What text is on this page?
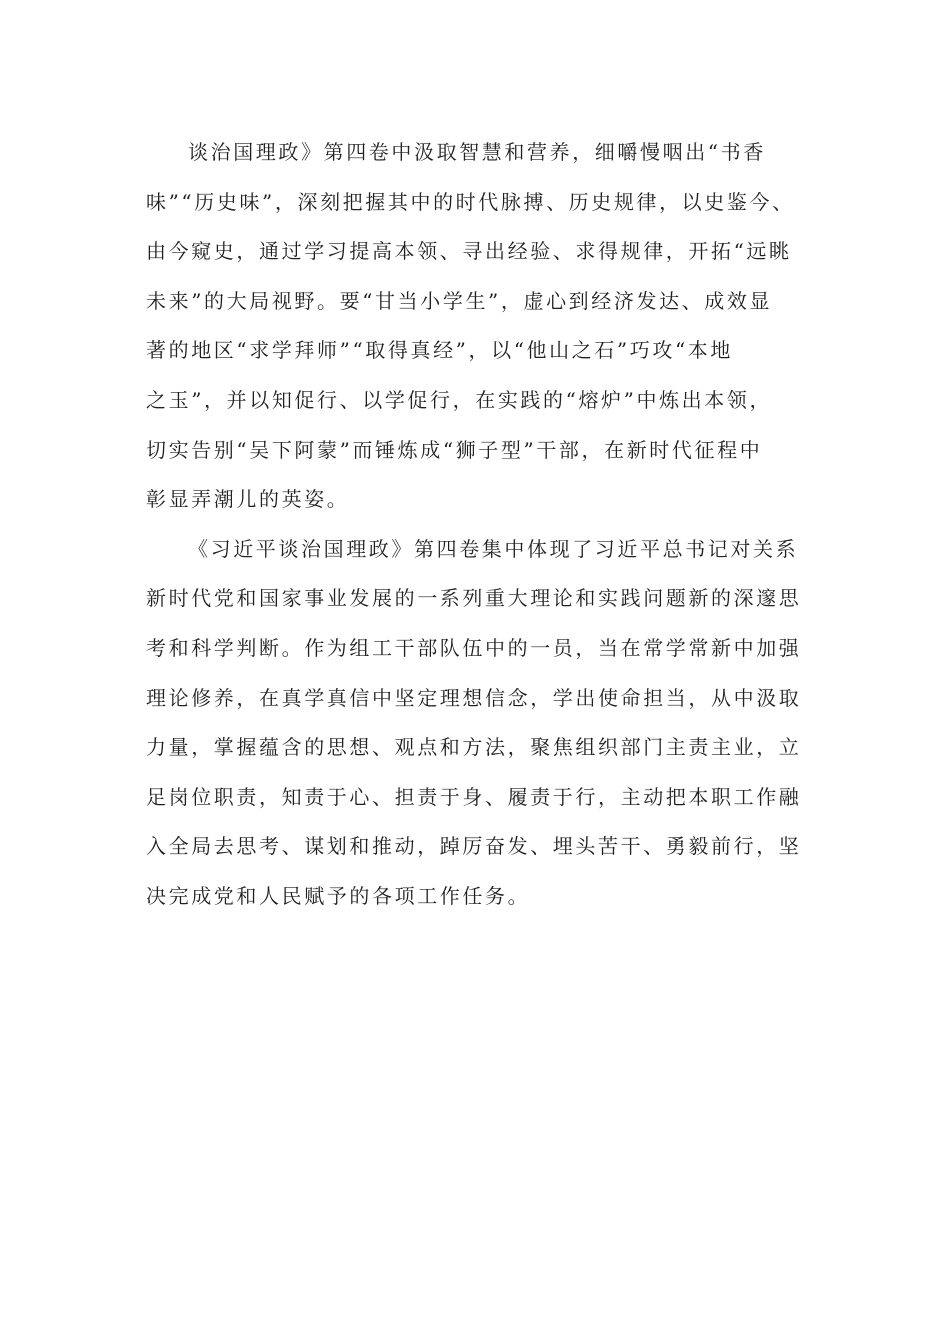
谈治国理政》第四卷中汲取智慧和营养，细嚼慢咽出“书香
味”“历史味”，深刻把握其中的时代脉搏、历史规律，以史鉴今、
由今窥史，通过学习提高本领、寻出经验、求得规律，开拓“远眺
未来”的大局视野。要“甘当小学生”，虚心到经济发达、成效显
著的地区“求学拜师”“取得真经”，以“他山之石”巧攻“本地
之玉”，并以知促行、以学促行，在实践的“熔炉”中炼出本领，
切实告别“吴下阿蒙”而锤炼成“狮子型”干部，在新时代征程中
彰显弄潮儿的英姿。
《习近平谈治国理政》第四卷集中体现了习近平总书记对关系
新时代党和国家事业发展的一系列重大理论和实践问题新的深邃思
考和科学判断。作为组工干部队伍中的一员，当在常学常新中加强
理论修养，在真学真信中坚定理想信念，学出使命担当，从中汲取
力量，掌握蕴含的思想、观点和方法，聚焦组织部门主责主业，立
足岗位职责，知责于心、担责于身、履责于行，主动把本职工作融
入全局去思考、谋划和推动，踔厉奋发、埋头苦干、勇毅前行，坚
决完成党和人民赋予的各项工作任务。
